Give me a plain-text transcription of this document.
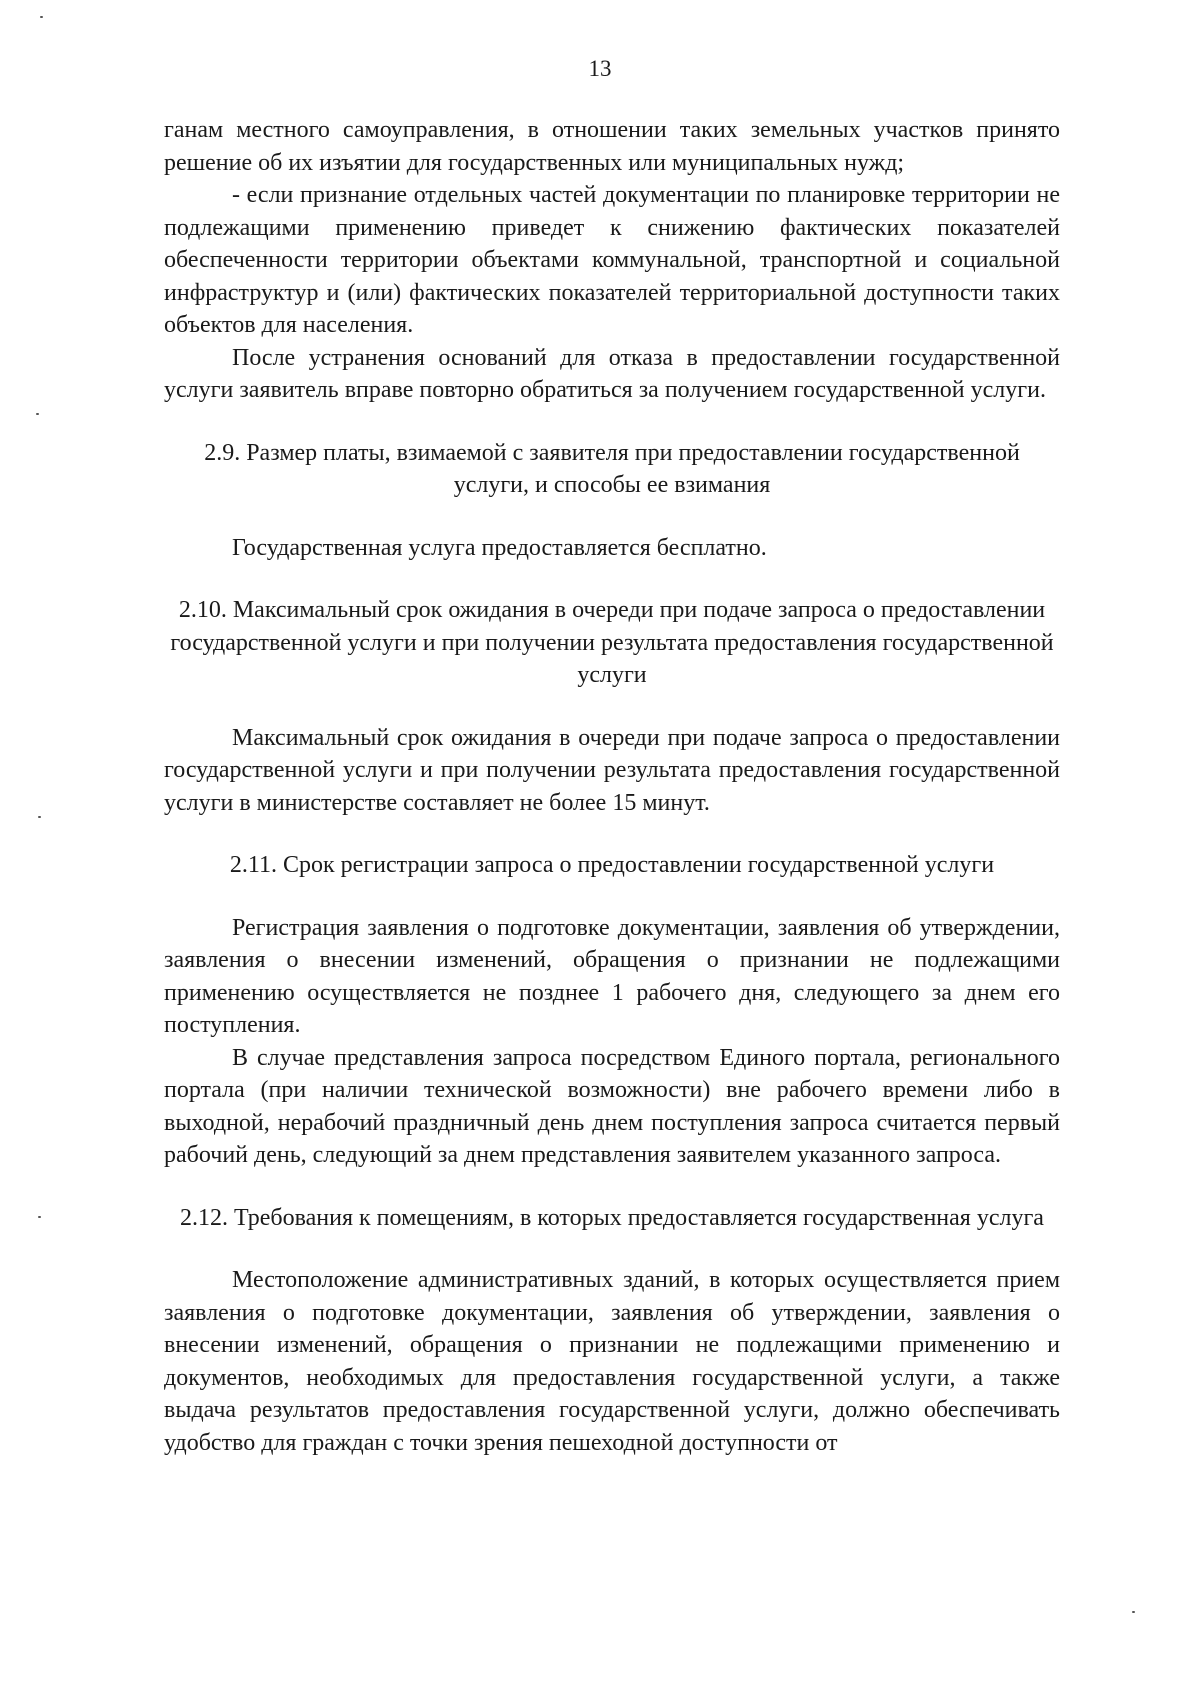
13

ганам местного самоуправления, в отношении таких земельных участков принято решение об их изъятии для государственных или муниципальных нужд;

- если признание отдельных частей документации по планировке территории не подлежащими применению приведет к снижению фактических показателей обеспеченности территории объектами коммунальной, транспортной и социальной инфраструктур и (или) фактических показателей территориальной доступности таких объектов для населения.

После устранения оснований для отказа в предоставлении государственной услуги заявитель вправе повторно обратиться за получением государственной услуги.

2.9. Размер платы, взимаемой с заявителя при предоставлении государственной услуги, и способы ее взимания

Государственная услуга предоставляется бесплатно.

2.10. Максимальный срок ожидания в очереди при подаче запроса о предоставлении государственной услуги и при получении результата предоставления государственной услуги

Максимальный срок ожидания в очереди при подаче запроса о предоставлении государственной услуги и при получении результата предоставления государственной услуги в министерстве составляет не более 15 минут.

2.11. Срок регистрации запроса о предоставлении государственной услуги

Регистрация заявления о подготовке документации, заявления об утверждении, заявления о внесении изменений, обращения о признании не подлежащими применению осуществляется не позднее 1 рабочего дня, следующего за днем его поступления.

В случае представления запроса посредством Единого портала, регионального портала (при наличии технической возможности) вне рабочего времени либо в выходной, нерабочий праздничный день днем поступления запроса считается первый рабочий день, следующий за днем представления заявителем указанного запроса.

2.12. Требования к помещениям, в которых предоставляется государственная услуга

Местоположение административных зданий, в которых осуществляется прием заявления о подготовке документации, заявления об утверждении, заявления о внесении изменений, обращения о признании не подлежащими применению и документов, необходимых для предоставления государственной услуги, а также выдача результатов предоставления государственной услуги, должно обеспечивать удобство для граждан с точки зрения пешеходной доступности от
